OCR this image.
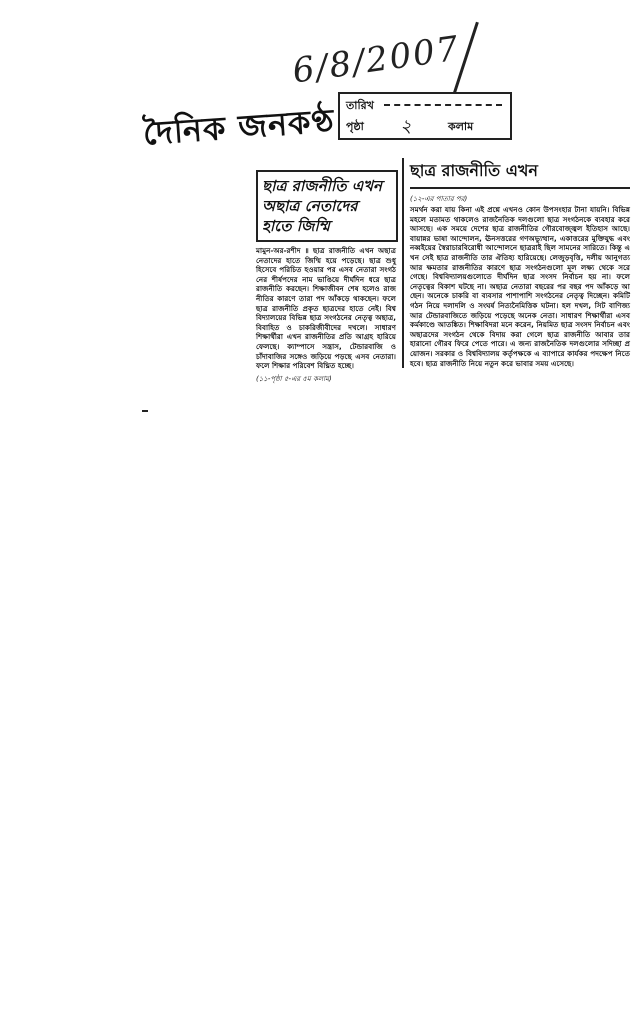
6/8/2007
তারিখ
পৃষ্ঠা ২	কলাম
দৈনিক জনকণ্ঠ
ছাত্র রাজনীতি এখন অছাত্র নেতাদের হাতে জিম্মি
মামুন-অর-রশীদ ॥ ছাত্র রাজনীতি এখন অছাত্র নেতাদের হাতে জিম্মি হয়ে পড়েছে। ছাত্র শুধু হিসেবে পরিচিত হওয়ার পর এসব নেতারা সংগঠনের শীর্ষপদের নাম ভাঙিয়ে দীর্ঘদিন ধরে ছাত্র রাজনীতি করছেন। শিক্ষাজীবন শেষ হলেও রাজনীতির কারণে তারা পদ আঁকড়ে থাকছেন। ফলে ছাত্র রাজনীতি প্রকৃত ছাত্রদের হাতে নেই। বিশ্ববিদ্যালয়ের বিভিন্ন ছাত্র সংগঠনের নেতৃত্ব অছাত্র, বিবাহিত ও চাকরিজীবীদের দখলে। সাধারণ শিক্ষার্থীরা এখন রাজনীতির প্রতি আগ্রহ হারিয়ে ফেলছে। ক্যাম্পাসে সন্ত্রাস, টেন্ডারবাজি ও চাঁদাবাজির সঙ্গেও জড়িয়ে পড়ছে এসব নেতারা। ফলে শিক্ষার পরিবেশ বিঘ্নিত হচ্ছে।
(১১-পৃষ্ঠা ৫-এর ৫ম কলাম)
ছাত্র রাজনীতি এখন
(১২-এর পাতার পর)
সমর্থন করা যায় কিনা এই প্রশ্নে এখনও কোন উপসংহার টানা যায়নি। বিভিন্ন মহলে মতামত থাকলেও রাজনৈতিক দলগুলো ছাত্র সংগঠনকে ব্যবহার করে আসছে। এক সময়ে দেশের ছাত্র রাজনীতির গৌরবোজ্জ্বল ইতিহাস আছে। বায়ান্নর ভাষা আন্দোলন, ঊনসত্তরের গণঅভ্যুত্থান, একাত্তরের মুক্তিযুদ্ধ এবং নব্বইয়ের স্বৈরাচারবিরোধী আন্দোলনে ছাত্ররাই ছিল সামনের সারিতে। কিন্তু এখন সেই ছাত্র রাজনীতি তার ঐতিহ্য হারিয়েছে। লেজুড়বৃত্তি, দলীয় আনুগত্য আর ক্ষমতার রাজনীতির কারণে ছাত্র সংগঠনগুলো মূল লক্ষ্য থেকে সরে গেছে। বিশ্ববিদ্যালয়গুলোতে দীর্ঘদিন ছাত্র সংসদ নির্বাচন হয় না। ফলে নেতৃত্বের বিকাশ ঘটছে না। অছাত্র নেতারা বছরের পর বছর পদ আঁকড়ে আছেন। অনেকে চাকরি বা ব্যবসার পাশাপাশি সংগঠনের নেতৃত্ব দিচ্ছেন। কমিটি গঠন নিয়ে দলাদলি ও সংঘর্ষ নিত্যনৈমিত্তিক ঘটনা। হল দখল, সিট বাণিজ্য আর টেন্ডারবাজিতে জড়িয়ে পড়েছে অনেক নেতা। সাধারণ শিক্ষার্থীরা এসব কর্মকাণ্ডে আতঙ্কিত। শিক্ষাবিদরা মনে করেন, নিয়মিত ছাত্র সংসদ নির্বাচন এবং অছাত্রদের সংগঠন থেকে বিদায় করা গেলে ছাত্র রাজনীতি আবার তার হারানো গৌরব ফিরে পেতে পারে। এ জন্য রাজনৈতিক দলগুলোর সদিচ্ছা প্রয়োজন। সরকার ও বিশ্ববিদ্যালয় কর্তৃপক্ষকে এ ব্যাপারে কার্যকর পদক্ষেপ নিতে হবে। ছাত্র রাজনীতি নিয়ে নতুন করে ভাবার সময় এসেছে।
